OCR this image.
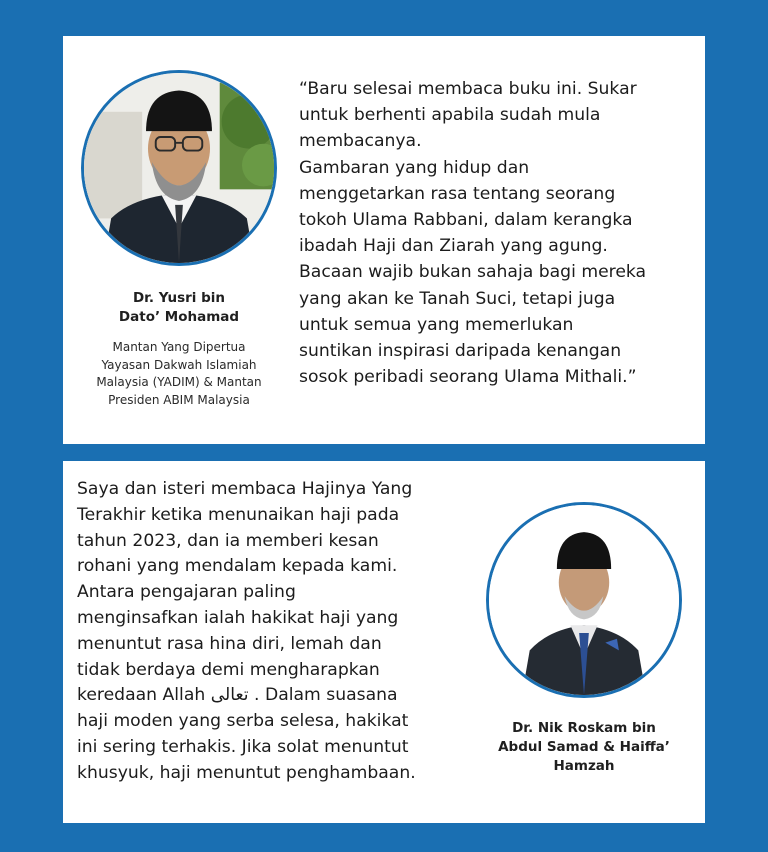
Dr. Yusri bin
Dato’ Mohamad
Mantan Yang Dipertua
Yayasan Dakwah Islamiah
Malaysia (YADIM) & Mantan
Presiden ABIM Malaysia

“Baru selesai membaca buku ini. Sukar
untuk berhenti apabila sudah mula
membacanya.
Gambaran yang hidup dan
menggetarkan rasa tentang seorang
tokoh Ulama Rabbani, dalam kerangka
ibadah Haji dan Ziarah yang agung.
Bacaan wajib bukan sahaja bagi mereka
yang akan ke Tanah Suci, tetapi juga
untuk semua yang memerlukan
suntikan inspirasi daripada kenangan
sosok peribadi seorang Ulama Mithali.”

Saya dan isteri membaca Hajinya Yang
Terakhir ketika menunaikan haji pada
tahun 2023, dan ia memberi kesan
rohani yang mendalam kepada kami.
Antara pengajaran paling
menginsafkan ialah hakikat haji yang
menuntut rasa hina diri, lemah dan
tidak berdaya demi mengharapkan
keredaan Allah تعالى . Dalam suasana
haji moden yang serba selesa, hakikat
ini sering terhakis. Jika solat menuntut
khusyuk, haji menuntut penghambaan.

Dr. Nik Roskam bin
Abdul Samad & Haiffa’
Hamzah
